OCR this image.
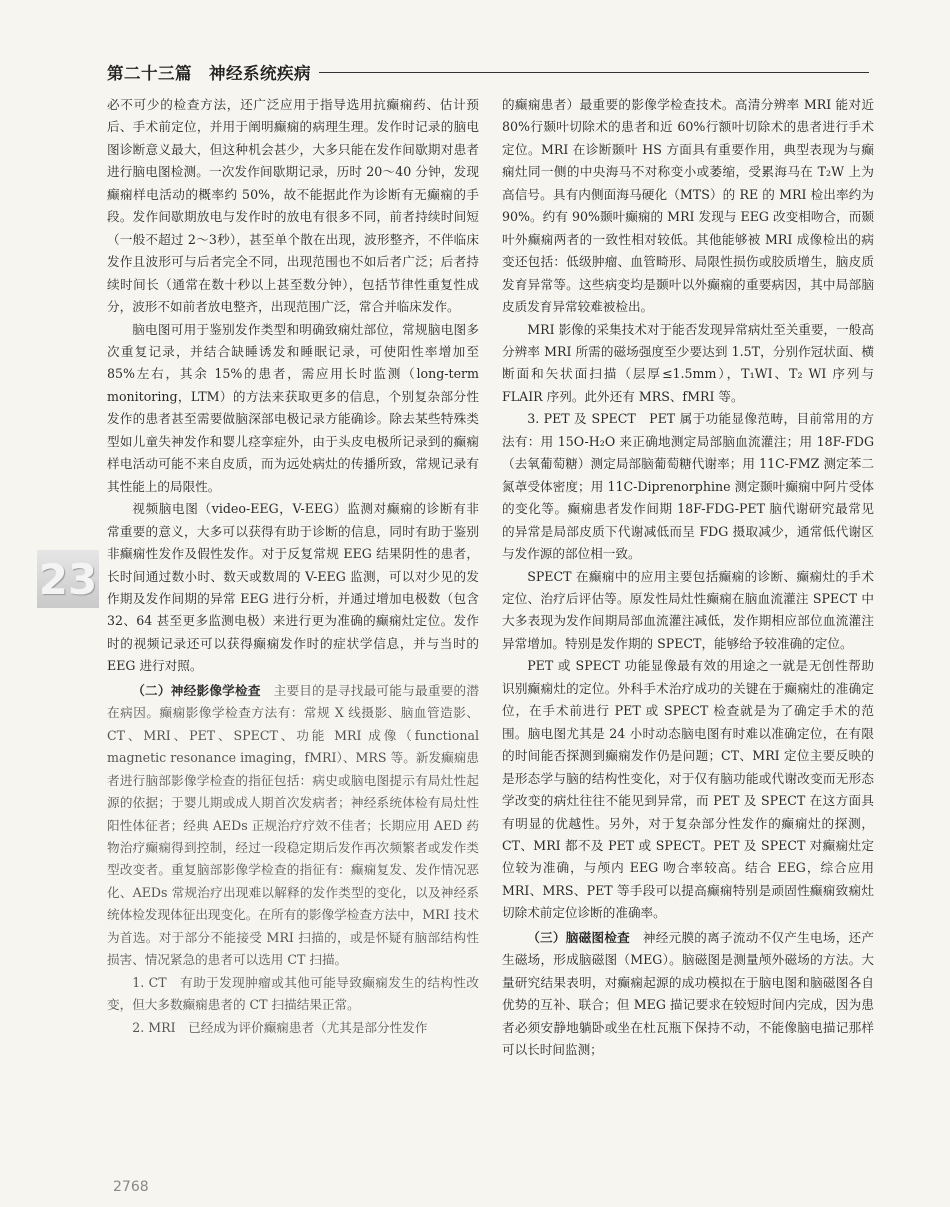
第二十三篇　神经系统疾病

必不可少的检查方法，还广泛应用于指导选用抗癫痫药、估计预后、手术前定位，并用于阐明癫痫的病理生理。发作时记录的脑电图诊断意义最大，但这种机会甚少，大多只能在发作间歇期对患者进行脑电图检测。一次发作间歇期记录，历时 20～40 分钟，发现癫痫样电活动的概率约 50%，故不能据此作为诊断有无癫痫的手段。发作间歇期放电与发作时的放电有很多不同，前者持续时间短（一般不超过 2～3秒），甚至单个散在出现，波形整齐，不伴临床发作且波形可与后者完全不同，出现范围也不如后者广泛；后者持续时间长（通常在数十秒以上甚至数分钟），包括节律性重复性成分，波形不如前者放电整齐，出现范围广泛，常合并临床发作。

脑电图可用于鉴别发作类型和明确致痫灶部位，常规脑电图多次重复记录，并结合缺睡诱发和睡眠记录，可使阳性率增加至 85%左右，其余 15%的患者，需应用长时监测（long-term monitoring，LTM）的方法来获取更多的信息，个别复杂部分性发作的患者甚至需要做脑深部电极记录方能确诊。除去某些特殊类型如儿童失神发作和婴儿痉挛症外，由于头皮电极所记录到的癫痫样电活动可能不来自皮质，而为远处病灶的传播所致，常规记录有其性能上的局限性。

视频脑电图（video-EEG，V-EEG）监测对癫痫的诊断有非常重要的意义，大多可以获得有助于诊断的信息，同时有助于鉴别非癫痫性发作及假性发作。对于反复常规 EEG 结果阴性的患者，长时间通过数小时、数天或数周的 V-EEG 监测，可以对少见的发作期及发作间期的异常 EEG 进行分析，并通过增加电极数（包含 32、64 甚至更多监测电极）来进行更为准确的癫痫灶定位。发作时的视频记录还可以获得癫痫发作时的症状学信息，并与当时的 EEG 进行对照。

（二）神经影像学检查　主要目的是寻找最可能与最重要的潜在病因。癫痫影像学检查方法有：常规 X 线摄影、脑血管造影、CT、MRI、PET、SPECT、功能 MRI 成像（functional magnetic resonance imaging，fMRI）、MRS 等。新发癫痫患者进行脑部影像学检查的指征包括：病史或脑电图提示有局灶性起源的依据；于婴儿期或成人期首次发病者；神经系统体检有局灶性阳性体征者；经典 AEDs 正规治疗疗效不佳者；长期应用 AED 药物治疗癫痫得到控制，经过一段稳定期后发作再次频繁者或发作类型改变者。重复脑部影像学检查的指征有：癫痫复发、发作情况恶化、AEDs 常规治疗出现难以解释的发作类型的变化，以及神经系统体检发现体征出现变化。在所有的影像学检查方法中，MRI 技术为首选。对于部分不能接受 MRI 扫描的，或是怀疑有脑部结构性损害、情况紧急的患者可以选用 CT 扫描。

1. CT　有助于发现肿瘤或其他可能导致癫痫发生的结构性改变，但大多数癫痫患者的 CT 扫描结果正常。

2. MRI　已经成为评价癫痫患者（尤其是部分性发作

的癫痫患者）最重要的影像学检查技术。高清分辨率 MRI 能对近 80%行颞叶切除术的患者和近 60%行额叶切除术的患者进行手术定位。MRI 在诊断颞叶 HS 方面具有重要作用，典型表现为与癫痫灶同一侧的中央海马不对称变小或萎缩，受累海马在 T₂W 上为高信号。具有内侧面海马硬化（MTS）的 RE 的 MRI 检出率约为 90%。约有 90%颞叶癫痫的 MRI 发现与 EEG 改变相吻合，而颞叶外癫痫两者的一致性相对较低。其他能够被 MRI 成像检出的病变还包括：低级肿瘤、血管畸形、局限性损伤或胶质增生，脑皮质发育异常等。这些病变均是颞叶以外癫痫的重要病因，其中局部脑皮质发育异常较难被检出。

MRI 影像的采集技术对于能否发现异常病灶至关重要，一般高分辨率 MRI 所需的磁场强度至少要达到 1.5T，分别作冠状面、横断面和矢状面扫描（层厚≤1.5mm），T₁WI、T₂ WI 序列与 FLAIR 序列。此外还有 MRS、fMRI 等。

3. PET 及 SPECT　PET 属于功能显像范畴，目前常用的方法有：用 15O-H₂O 来正确地测定局部脑血流灌注；用 18F-FDG（去氧葡萄糖）测定局部脑葡萄糖代谢率；用 11C-FMZ 测定苯二氮䓬受体密度；用 11C-Diprenorphine 测定颞叶癫痫中阿片受体的变化等。癫痫患者发作间期 18F-FDG-PET 脑代谢研究最常见的异常是局部皮质下代谢减低而呈 FDG 摄取减少，通常低代谢区与发作源的部位相一致。

SPECT 在癫痫中的应用主要包括癫痫的诊断、癫痫灶的手术定位、治疗后评估等。原发性局灶性癫痫在脑血流灌注 SPECT 中大多表现为发作间期局部血流灌注减低，发作期相应部位血流灌注异常增加。特别是发作期的 SPECT，能够给予较准确的定位。

PET 或 SPECT 功能显像最有效的用途之一就是无创性帮助识别癫痫灶的定位。外科手术治疗成功的关键在于癫痫灶的准确定位，在手术前进行 PET 或 SPECT 检查就是为了确定手术的范围。脑电图尤其是 24 小时动态脑电图有时难以准确定位，在有限的时间能否探测到癫痫发作仍是问题；CT、MRI 定位主要反映的是形态学与脑的结构性变化，对于仅有脑功能或代谢改变而无形态学改变的病灶往往不能见到异常，而 PET 及 SPECT 在这方面具有明显的优越性。另外，对于复杂部分性发作的癫痫灶的探测，CT、MRI 都不及 PET 或 SPECT。PET 及 SPECT 对癫痫灶定位较为准确，与颅内 EEG 吻合率较高。结合 EEG，综合应用 MRI、MRS、PET 等手段可以提高癫痫特别是顽固性癫痫致痫灶切除术前定位诊断的准确率。

（三）脑磁图检查　神经元膜的离子流动不仅产生电场，还产生磁场，形成脑磁图（MEG）。脑磁图是测量颅外磁场的方法。大量研究结果表明，对癫痫起源的成功模拟在于脑电图和脑磁图各自优势的互补、联合；但 MEG 描记要求在较短时间内完成，因为患者必须安静地躺卧或坐在杜瓦瓶下保持不动，不能像脑电描记那样可以长时间监测；

23
2768
